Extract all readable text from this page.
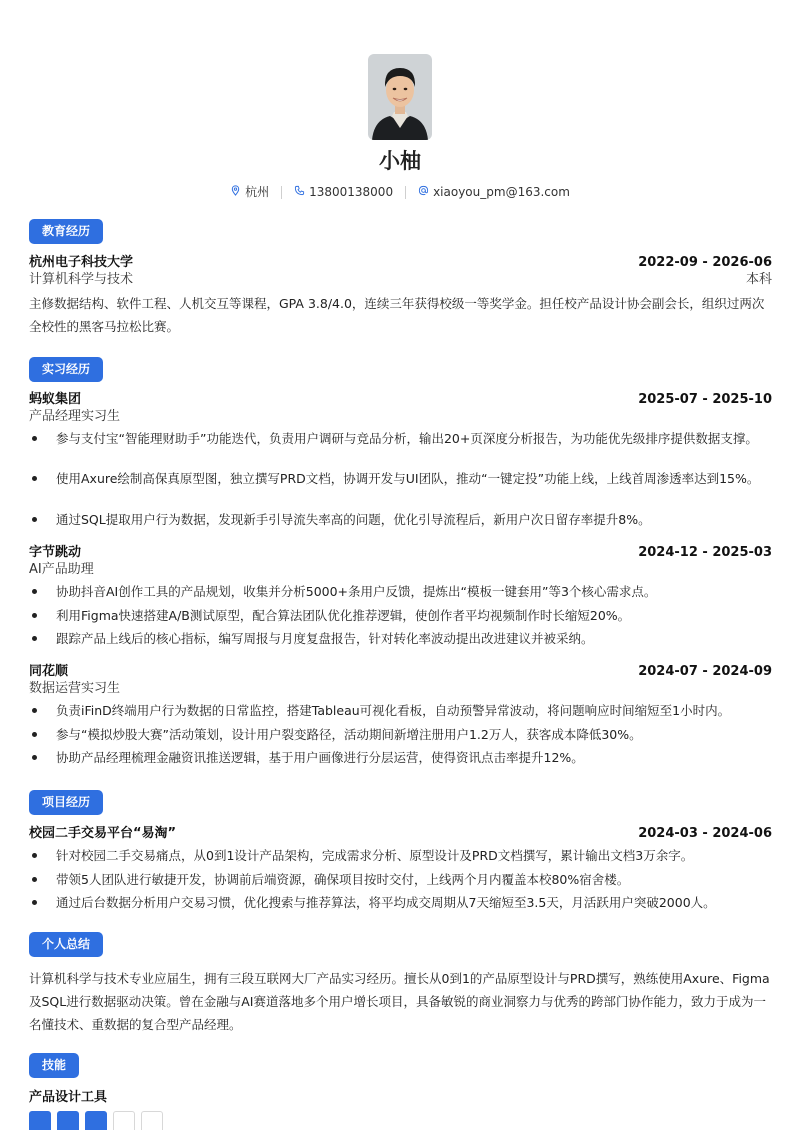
小柚
杭州	13800138000	xiaoyou_pm@163.com
教育经历
杭州电子科技大学	2022-09 - 2026-06
计算机科学与技术	本科
主修数据结构、软件工程、人机交互等课程，GPA 3.8/4.0，连续三年获得校级一等奖学金。担任校产品设计协会副会长，组织过两次全校性的黑客马拉松比赛。
实习经历
蚂蚁集团	2025-07 - 2025-10
产品经理实习生
参与支付宝“智能理财助手”功能迭代，负责用户调研与竞品分析，输出20+页深度分析报告，为功能优先级排序提供数据支撑。
使用Axure绘制高保真原型图，独立撰写PRD文档，协调开发与UI团队，推动“一键定投”功能上线，上线首周渗透率达到15%。
通过SQL提取用户行为数据，发现新手引导流失率高的问题，优化引导流程后，新用户次日留存率提升8%。
字节跳动	2024-12 - 2025-03
AI产品助理
协助抖音AI创作工具的产品规划，收集并分析5000+条用户反馈，提炼出“模板一键套用”等3个核心需求点。
利用Figma快速搭建A/B测试原型，配合算法团队优化推荐逻辑，使创作者平均视频制作时长缩短20%。
跟踪产品上线后的核心指标，编写周报与月度复盘报告，针对转化率波动提出改进建议并被采纳。
同花顺	2024-07 - 2024-09
数据运营实习生
负责iFinD终端用户行为数据的日常监控，搭建Tableau可视化看板，自动预警异常波动，将问题响应时间缩短至1小时内。
参与“模拟炒股大赛”活动策划，设计用户裂变路径，活动期间新增注册用户1.2万人，获客成本降低30%。
协助产品经理梳理金融资讯推送逻辑，基于用户画像进行分层运营，使得资讯点击率提升12%。
项目经历
校园二手交易平台“易淘”	2024-03 - 2024-06
针对校园二手交易痛点，从0到1设计产品架构，完成需求分析、原型设计及PRD文档撰写，累计输出文档3万余字。
带领5人团队进行敏捷开发，协调前后端资源，确保项目按时交付，上线两个月内覆盖本校80%宿舍楼。
通过后台数据分析用户交易习惯，优化搜索与推荐算法，将平均成交周期从7天缩短至3.5天，月活跃用户突破2000人。
个人总结
计算机科学与技术专业应届生，拥有三段互联网大厂产品实习经历。擅长从0到1的产品原型设计与PRD撰写，熟练使用Axure、Figma及SQL进行数据驱动决策。曾在金融与AI赛道落地多个用户增长项目，具备敏锐的商业洞察力与优秀的跨部门协作能力，致力于成为一名懂技术、重数据的复合型产品经理。
技能
产品设计工具
